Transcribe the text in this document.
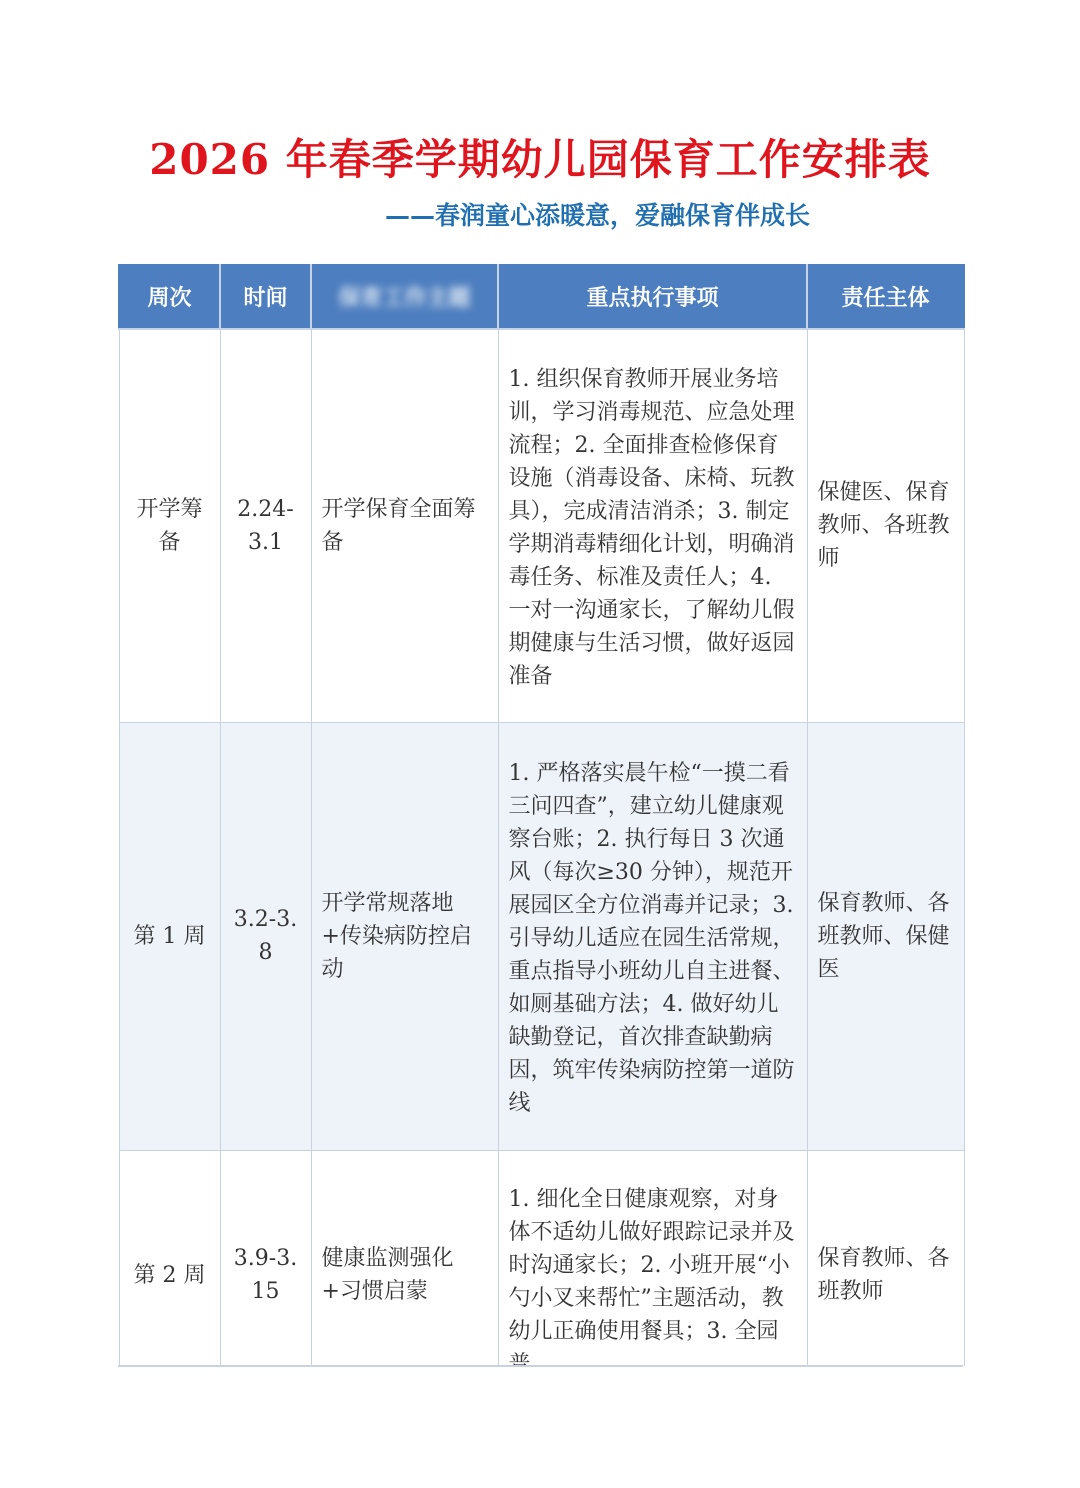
2026 年春季学期幼儿园保育工作安排表
——春润童心添暖意，爱融保育伴成长
周次	时间	保育工作主题	重点执行事项	责任主体
开学筹备	2.24-3.1	开学保育全面筹备	1. 组织保育教师开展业务培训，学习消毒规范、应急处理流程；2. 全面排查检修保育设施（消毒设备、床椅、玩教具），完成清洁消杀；3. 制定学期消毒精细化计划，明确消毒任务、标准及责任人；4. 一对一沟通家长，了解幼儿假期健康与生活习惯，做好返园准备	保健医、保育教师、各班教师
第 1 周	3.2-3.8	开学常规落地+传染病防控启动	1. 严格落实晨午检“一摸二看三问四查”，建立幼儿健康观察台账；2. 执行每日 3 次通风（每次≥30 分钟），规范开展园区全方位消毒并记录；3. 引导幼儿适应在园生活常规，重点指导小班幼儿自主进餐、如厕基础方法；4. 做好幼儿缺勤登记，首次排查缺勤病因，筑牢传染病防控第一道防线	保育教师、各班教师、保健医
第 2 周	3.9-3.15	健康监测强化+习惯启蒙	1. 细化全日健康观察，对身体不适幼儿做好跟踪记录并及时沟通家长；2. 小班开展“小勺小叉来帮忙”主题活动，教幼儿正确使用餐具；3. 全园	保育教师、各班教师
